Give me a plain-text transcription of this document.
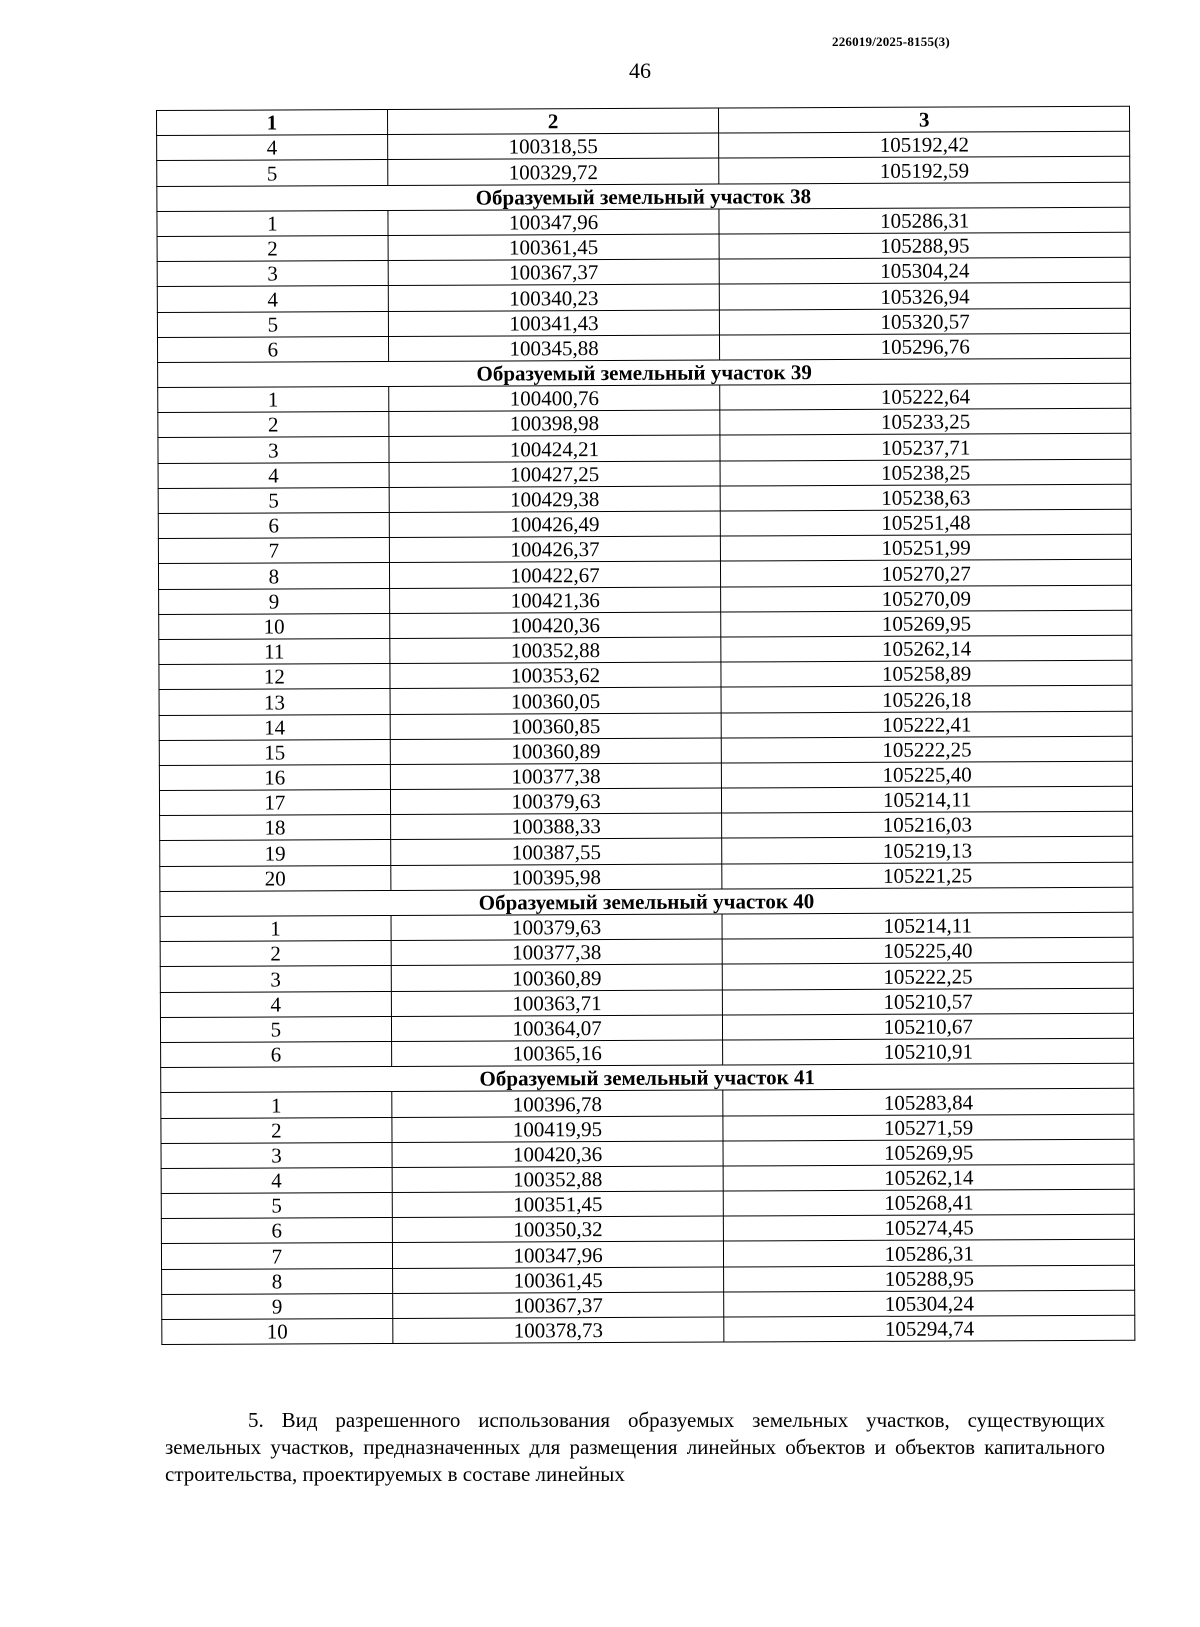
226019/2025-8155(3)
46
1	2	3
4	100318,55	105192,42
5	100329,72	105192,59
Образуемый земельный участок 38		
1	100347,96	105286,31
2	100361,45	105288,95
3	100367,37	105304,24
4	100340,23	105326,94
5	100341,43	105320,57
6	100345,88	105296,76
Образуемый земельный участок 39		
1	100400,76	105222,64
2	100398,98	105233,25
3	100424,21	105237,71
4	100427,25	105238,25
5	100429,38	105238,63
6	100426,49	105251,48
7	100426,37	105251,99
8	100422,67	105270,27
9	100421,36	105270,09
10	100420,36	105269,95
11	100352,88	105262,14
12	100353,62	105258,89
13	100360,05	105226,18
14	100360,85	105222,41
15	100360,89	105222,25
16	100377,38	105225,40
17	100379,63	105214,11
18	100388,33	105216,03
19	100387,55	105219,13
20	100395,98	105221,25
Образуемый земельный участок 40		
1	100379,63	105214,11
2	100377,38	105225,40
3	100360,89	105222,25
4	100363,71	105210,57
5	100364,07	105210,67
6	100365,16	105210,91
Образуемый земельный участок 41		
1	100396,78	105283,84
2	100419,95	105271,59
3	100420,36	105269,95
4	100352,88	105262,14
5	100351,45	105268,41
6	100350,32	105274,45
7	100347,96	105286,31
8	100361,45	105288,95
9	100367,37	105304,24
10	100378,73	105294,74
5. Вид разрешенного использования образуемых земельных участков, существующих земельных участков, предназначенных для размещения линейных объектов и объектов капитального строительства, проектируемых в составе линейных
